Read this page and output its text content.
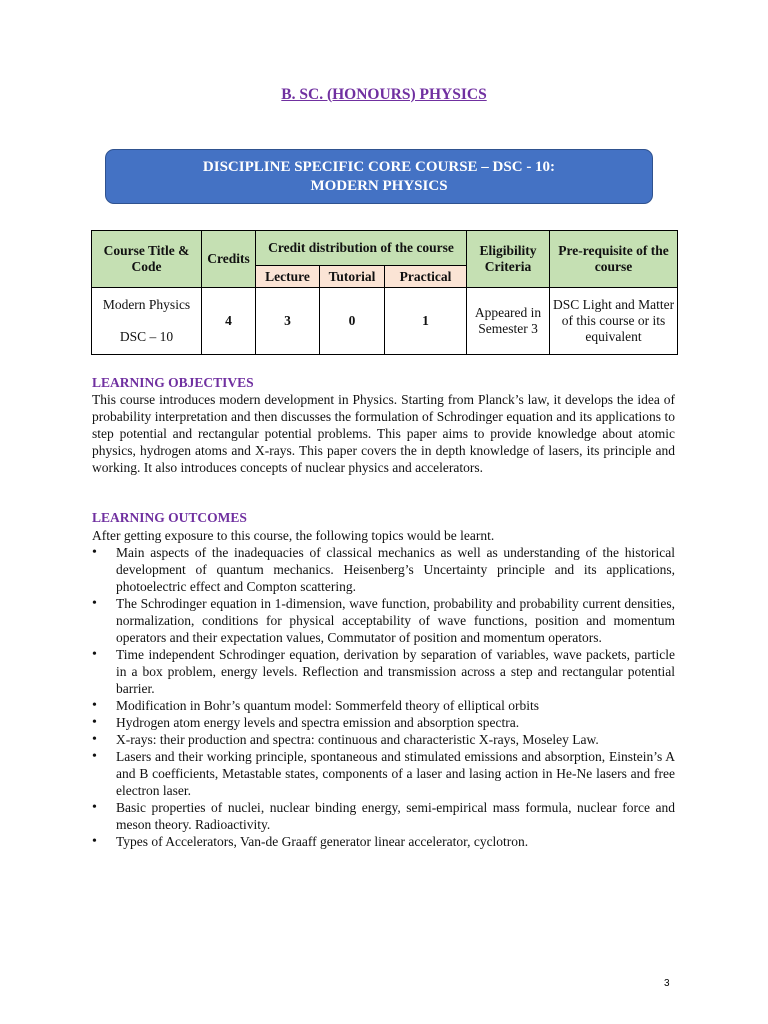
B. SC. (HONOURS) PHYSICS
DISCIPLINE SPECIFIC CORE COURSE – DSC - 10:
MODERN PHYSICS
Course Title & Code	Credits	Credit distribution of the course			Eligibility Criteria	Pre-requisite of the course
		Lecture	Tutorial	Practical		

Modern Physics
DSC – 10	4	3	0	1	Appeared in Semester 3	DSC Light and Matter of this course or its equivalent
LEARNING OBJECTIVES

This course introduces modern development in Physics. Starting from Planck’s law, it develops the idea of probability interpretation and then discusses the formulation of Schrodinger equation and its applications to step potential and rectangular potential problems. This paper aims to provide knowledge about atomic physics, hydrogen atoms and X-rays. This paper covers the in depth knowledge of lasers, its principle and working. It also introduces concepts of nuclear physics and accelerators.

LEARNING OUTCOMES

After getting exposure to this course, the following topics would be learnt.

• Main aspects of the inadequacies of classical mechanics as well as understanding of the historical development of quantum mechanics. Heisenberg’s Uncertainty principle and its applications, photoelectric effect and Compton scattering.
• The Schrodinger equation in 1-dimension, wave function, probability and probability current densities, normalization, conditions for physical acceptability of wave functions, position and momentum operators and their expectation values, Commutator of position and momentum operators.
• Time independent Schrodinger equation, derivation by separation of variables, wave packets, particle in a box problem, energy levels. Reflection and transmission across a step and rectangular potential barrier.
• Modification in Bohr’s quantum model: Sommerfeld theory of elliptical orbits
• Hydrogen atom energy levels and spectra emission and absorption spectra.
• X-rays: their production and spectra: continuous and characteristic X-rays, Moseley Law.
• Lasers and their working principle, spontaneous and stimulated emissions and absorption, Einstein’s A and B coefficients, Metastable states, components of a laser and lasing action in He-Ne lasers and free electron laser.
• Basic properties of nuclei, nuclear binding energy, semi-empirical mass formula, nuclear force and meson theory. Radioactivity.
• Types of Accelerators, Van-de Graaff generator linear accelerator, cyclotron.
3
